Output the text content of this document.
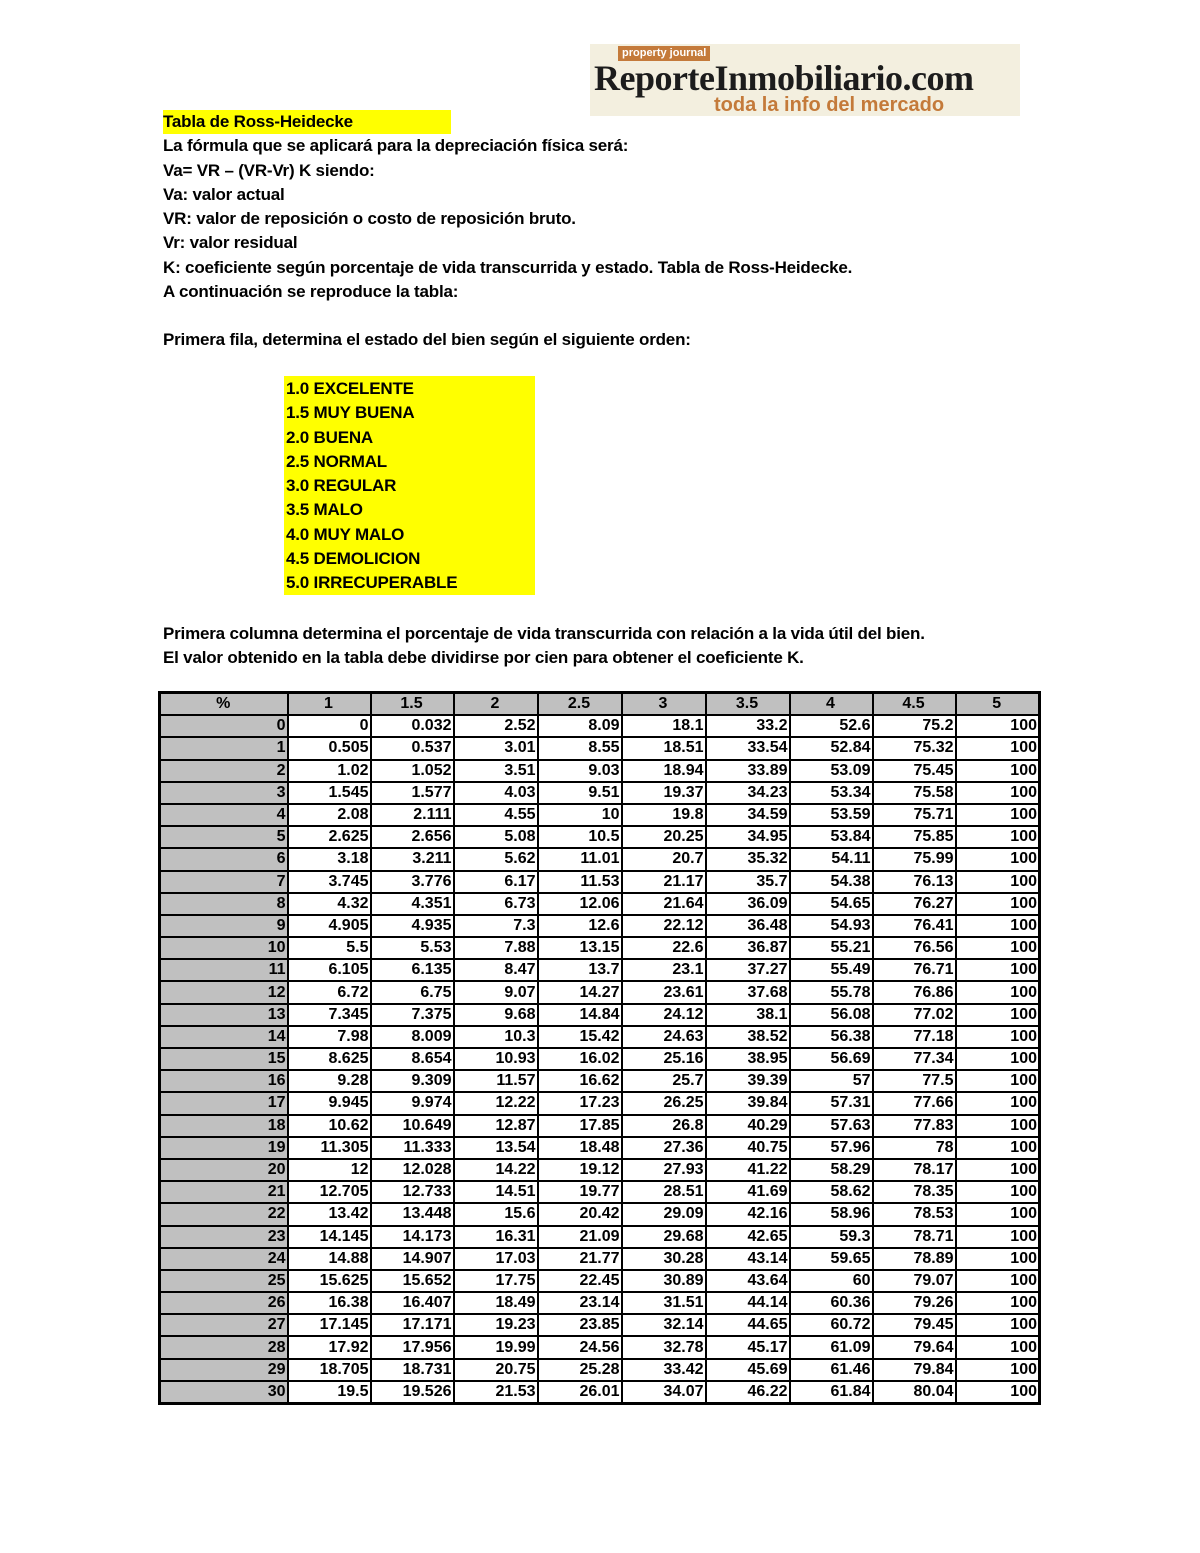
property journal
ReporteInmobiliario.com
toda la info del mercado
Tabla de Ross-Heidecke
La fórmula que se aplicará para la depreciación física será:
Va= VR – (VR-Vr) K siendo:
Va: valor actual
VR: valor de reposición o costo de reposición bruto.
Vr: valor residual
K: coeficiente según porcentaje de vida transcurrida y estado. Tabla de Ross-Heidecke.
A continuación se reproduce la tabla:
Primera fila, determina el estado del bien según el siguiente orden:
1.0 EXCELENTE
1.5 MUY BUENA
2.0 BUENA
2.5 NORMAL
3.0 REGULAR
3.5 MALO
4.0 MUY MALO
4.5 DEMOLICION
5.0 IRRECUPERABLE
Primera columna determina el porcentaje de vida transcurrida con relación a la vida útil del bien.
El valor obtenido en la tabla debe dividirse por cien para obtener el coeficiente K.
%	1	1.5	2	2.5	3	3.5	4	4.5	5
0	0	0.032	2.52	8.09	18.1	33.2	52.6	75.2	100
1	0.505	0.537	3.01	8.55	18.51	33.54	52.84	75.32	100
2	1.02	1.052	3.51	9.03	18.94	33.89	53.09	75.45	100
3	1.545	1.577	4.03	9.51	19.37	34.23	53.34	75.58	100
4	2.08	2.111	4.55	10	19.8	34.59	53.59	75.71	100
5	2.625	2.656	5.08	10.5	20.25	34.95	53.84	75.85	100
6	3.18	3.211	5.62	11.01	20.7	35.32	54.11	75.99	100
7	3.745	3.776	6.17	11.53	21.17	35.7	54.38	76.13	100
8	4.32	4.351	6.73	12.06	21.64	36.09	54.65	76.27	100
9	4.905	4.935	7.3	12.6	22.12	36.48	54.93	76.41	100
10	5.5	5.53	7.88	13.15	22.6	36.87	55.21	76.56	100
11	6.105	6.135	8.47	13.7	23.1	37.27	55.49	76.71	100
12	6.72	6.75	9.07	14.27	23.61	37.68	55.78	76.86	100
13	7.345	7.375	9.68	14.84	24.12	38.1	56.08	77.02	100
14	7.98	8.009	10.3	15.42	24.63	38.52	56.38	77.18	100
15	8.625	8.654	10.93	16.02	25.16	38.95	56.69	77.34	100
16	9.28	9.309	11.57	16.62	25.7	39.39	57	77.5	100
17	9.945	9.974	12.22	17.23	26.25	39.84	57.31	77.66	100
18	10.62	10.649	12.87	17.85	26.8	40.29	57.63	77.83	100
19	11.305	11.333	13.54	18.48	27.36	40.75	57.96	78	100
20	12	12.028	14.22	19.12	27.93	41.22	58.29	78.17	100
21	12.705	12.733	14.51	19.77	28.51	41.69	58.62	78.35	100
22	13.42	13.448	15.6	20.42	29.09	42.16	58.96	78.53	100
23	14.145	14.173	16.31	21.09	29.68	42.65	59.3	78.71	100
24	14.88	14.907	17.03	21.77	30.28	43.14	59.65	78.89	100
25	15.625	15.652	17.75	22.45	30.89	43.64	60	79.07	100
26	16.38	16.407	18.49	23.14	31.51	44.14	60.36	79.26	100
27	17.145	17.171	19.23	23.85	32.14	44.65	60.72	79.45	100
28	17.92	17.956	19.99	24.56	32.78	45.17	61.09	79.64	100
29	18.705	18.731	20.75	25.28	33.42	45.69	61.46	79.84	100
30	19.5	19.526	21.53	26.01	34.07	46.22	61.84	80.04	100
